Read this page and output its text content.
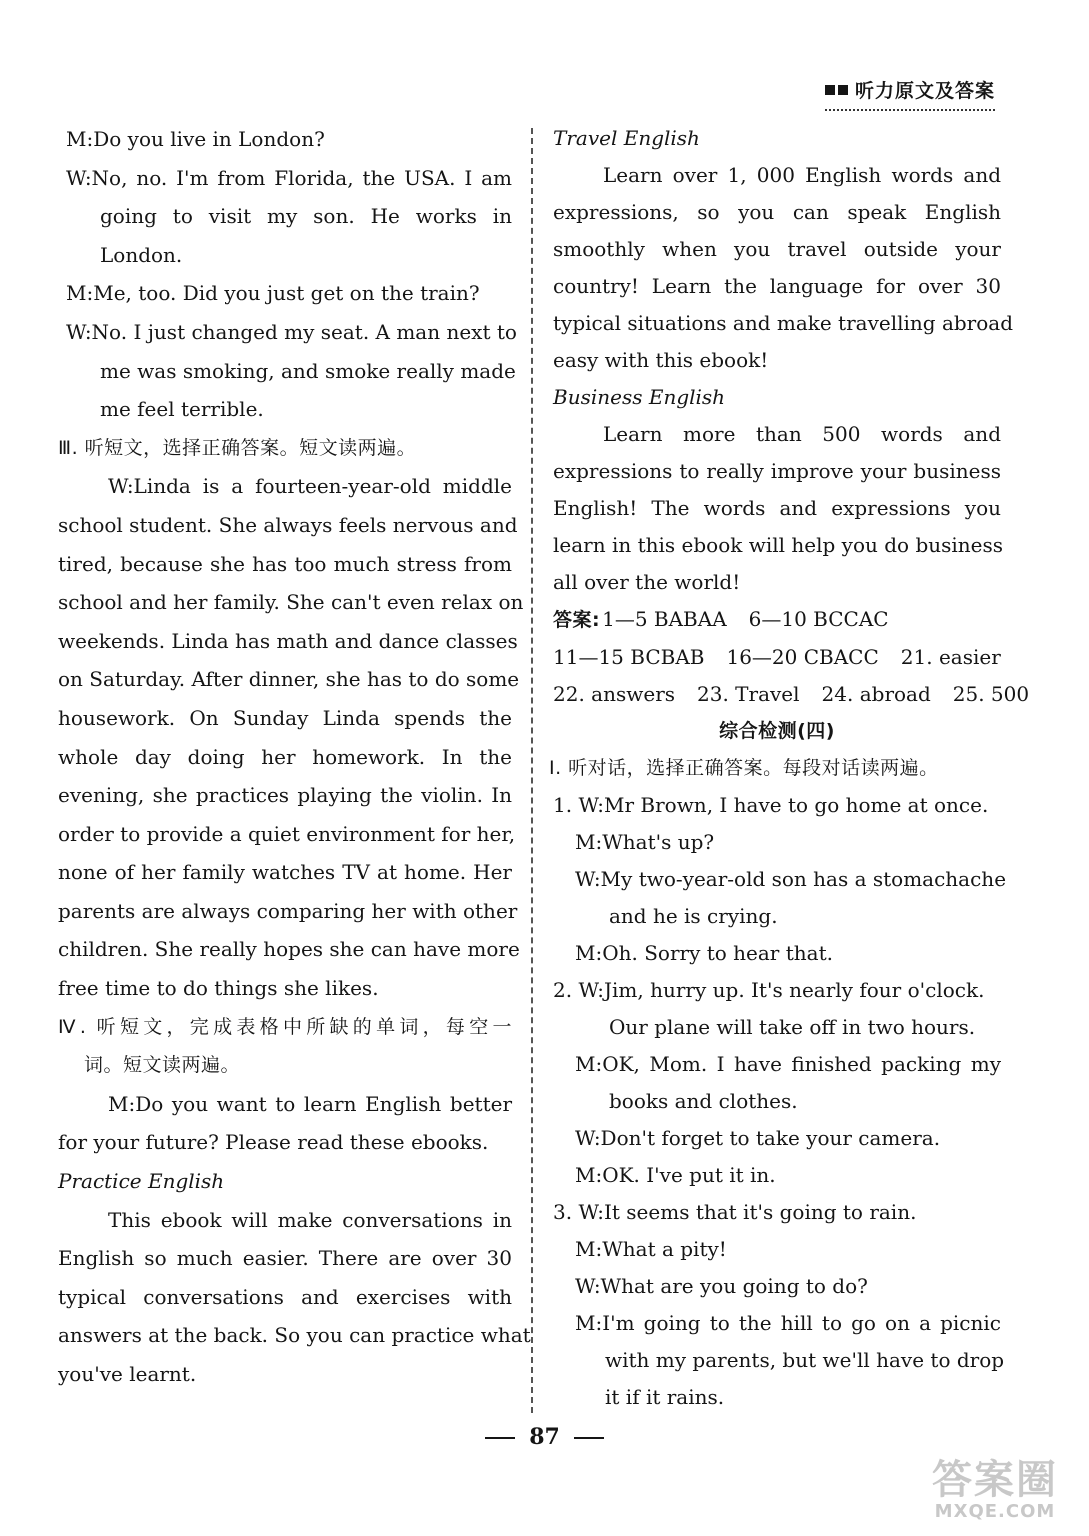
听力原文及答案
M:Do you live in London?
W:No, no. I'm from Florida, the USA. I am
going to visit my son. He works in
London.
M:Me, too. Did you just get on the train?
W:No. I just changed my seat. A man next to
me was smoking, and smoke really made
me feel terrible.
Ⅲ. 听短文，选择正确答案。短文读两遍。
W:Linda is a fourteen-year-old middle
school student. She always feels nervous and
tired, because she has too much stress from
school and her family. She can't even relax on
weekends. Linda has math and dance classes
on Saturday. After dinner, she has to do some
housework. On Sunday Linda spends the
whole day doing her homework. In the
evening, she practices playing the violin. In
order to provide a quiet environment for her,
none of her family watches TV at home. Her
parents are always comparing her with other
children. She really hopes she can have more
free time to do things she likes.
Ⅳ. 听短文，完成表格中所缺的单词，每空一
词。短文读两遍。
M:Do you want to learn English better
for your future? Please read these ebooks.
Practice English
This ebook will make conversations in
English so much easier. There are over 30
typical conversations and exercises with
answers at the back. So you can practice what
you've learnt.
Travel English
Learn over 1, 000 English words and
expressions, so you can speak English
smoothly when you travel outside your
country! Learn the language for over 30
typical situations and make travelling abroad
easy with this ebook!
Business English
Learn more than 500 words and
expressions to really improve your business
English! The words and expressions you
learn in this ebook will help you do business
all over the world!
答案: 1—5 BABAA 6—10 BCCAC
11—15 BCBAB 16—20 CBACC 21. easier
22. answers 23. Travel 24. abroad 25. 500
综合检测(四)
Ⅰ. 听对话，选择正确答案。每段对话读两遍。
1. W:Mr Brown, I have to go home at once.
M:What's up?
W:My two-year-old son has a stomachache
and he is crying.
M:Oh. Sorry to hear that.
2. W:Jim, hurry up. It's nearly four o'clock.
Our plane will take off in two hours.
M:OK, Mom. I have finished packing my
books and clothes.
W:Don't forget to take your camera.
M:OK. I've put it in.
3. W:It seems that it's going to rain.
M:What a pity!
W:What are you going to do?
M:I'm going to the hill to go on a picnic
with my parents, but we'll have to drop
it if it rains.
87
答案圈
MXQE.COM
